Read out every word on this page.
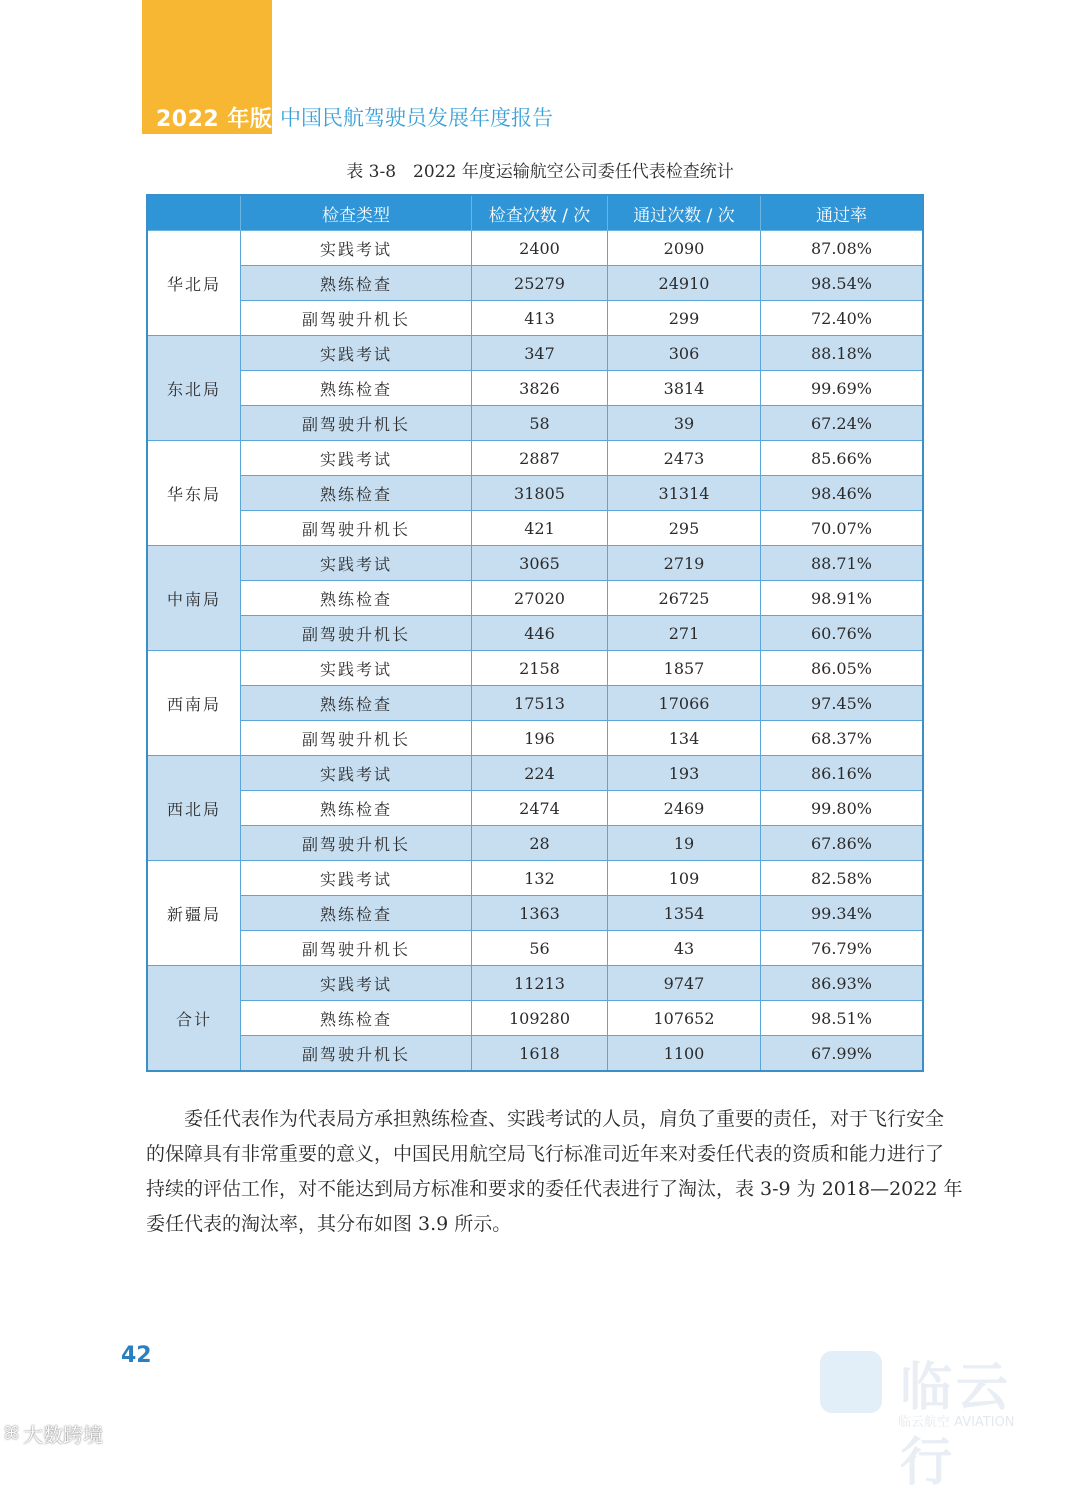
2022 年版 中国民航驾驶员发展年度报告
表 3-8　2022 年度运输航空公司委任代表检查统计
	检查类型	检查次数 / 次	通过次数 / 次	通过率
华北局	实践考试	2400	2090	87.08%
	熟练检查	25279	24910	98.54%
	副驾驶升机长	413	299	72.40%
东北局	实践考试	347	306	88.18%
	熟练检查	3826	3814	99.69%
	副驾驶升机长	58	39	67.24%
华东局	实践考试	2887	2473	85.66%
	熟练检查	31805	31314	98.46%
	副驾驶升机长	421	295	70.07%
中南局	实践考试	3065	2719	88.71%
	熟练检查	27020	26725	98.91%
	副驾驶升机长	446	271	60.76%
西南局	实践考试	2158	1857	86.05%
	熟练检查	17513	17066	97.45%
	副驾驶升机长	196	134	68.37%
西北局	实践考试	224	193	86.16%
	熟练检查	2474	2469	99.80%
	副驾驶升机长	28	19	67.86%
新疆局	实践考试	132	109	82.58%
	熟练检查	1363	1354	99.34%
	副驾驶升机长	56	43	76.79%
合计	实践考试	11213	9747	86.93%
	熟练检查	109280	107652	98.51%
	副驾驶升机长	1618	1100	67.99%
　　委任代表作为代表局方承担熟练检查、实践考试的人员，肩负了重要的责任，对于飞行安全
的保障具有非常重要的意义，中国民用航空局飞行标准司近年来对委任代表的资质和能力进行了
持续的评估工作，对不能达到局方标准和要求的委任代表进行了淘汰，表 3-9 为 2018—2022 年
委任代表的淘汰率，其分布如图 3.9 所示。
42
临云行
临云航空 AVIATION
ꕤ 大数跨境
